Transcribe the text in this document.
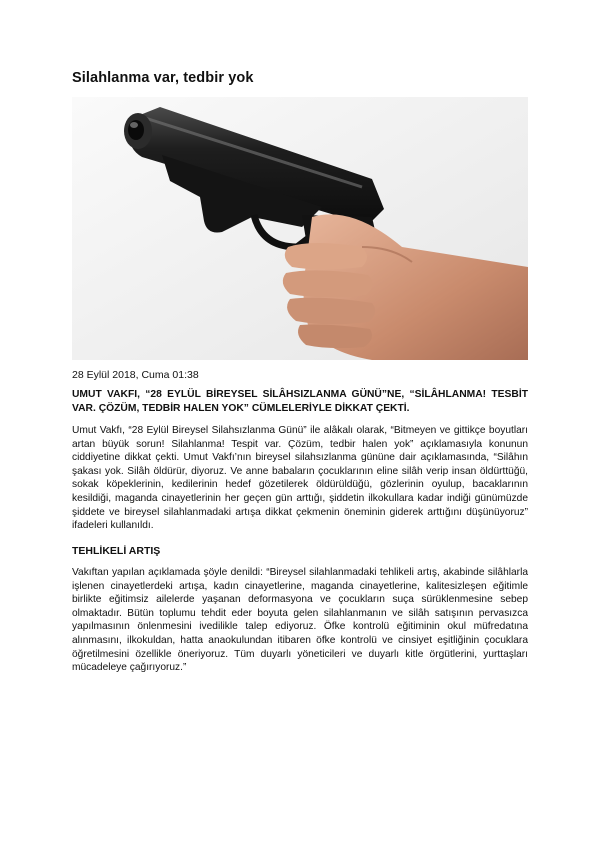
Silahlanma var, tedbir yok
28 Eylül 2018, Cuma 01:38

UMUT VAKFI, “28 EYLÜL BİREYSEL SİLÂHSIZLANMA GÜNÜ”NE, “SİLÂHLANMA! TESBİT VAR. ÇÖZÜM, TEDBİR HALEN YOK” CÜMLELERİYLE DİKKAT ÇEKTİ.

Umut Vakfı, “28 Eylül Bireysel Silahsızlanma Günü” ile alâkalı olarak, “Bitmeyen ve gittikçe boyutları artan büyük sorun! Silahlanma! Tespit var. Çözüm, tedbir halen yok” açıklamasıyla konunun ciddiyetine dikkat çekti. Umut Vakfı’nın bireysel silahsızlanma gününe dair açıklamasında, “Silâhın şakası yok. Silâh öldürür, diyoruz. Ve anne babaların çocuklarının eline silâh verip insan öldürttüğü, sokak köpeklerinin, kedilerinin hedef gözetilerek öldürüldüğü, gözlerinin oyulup, bacaklarının kesildiği, maganda cinayetlerinin her geçen gün arttığı, şiddetin ilkokullara kadar indiği günümüzde şiddete ve bireysel silahlanmadaki artışa dikkat çekmenin öneminin giderek arttığını düşünüyoruz” ifadeleri kullanıldı.

TEHLİKELİ ARTIŞ

Vakıftan yapılan açıklamada şöyle denildi: “Bireysel silahlanmadaki tehlikeli artış, akabinde silâhlarla işlenen cinayetlerdeki artışa, kadın cinayetlerine, maganda cinayetlerine, kalitesizleşen eğitimle birlikte eğitimsiz ailelerde yaşanan deformasyona ve çocukların suça sürüklenmesine sebep olmaktadır. Bütün toplumu tehdit eder boyuta gelen silahlanmanın ve silâh satışının pervasızca yapılmasının önlenmesini ivedilikle talep ediyoruz. Öfke kontrolü eğitiminin okul müfredatına alınmasını, ilkokuldan, hatta anaokulundan itibaren öfke kontrolü ve cinsiyet eşitliğinin çocuklara öğretilmesini özellikle öneriyoruz. Tüm duyarlı yöneticileri ve duyarlı kitle örgütlerini, yurttaşları mücadeleye çağırıyoruz.”
